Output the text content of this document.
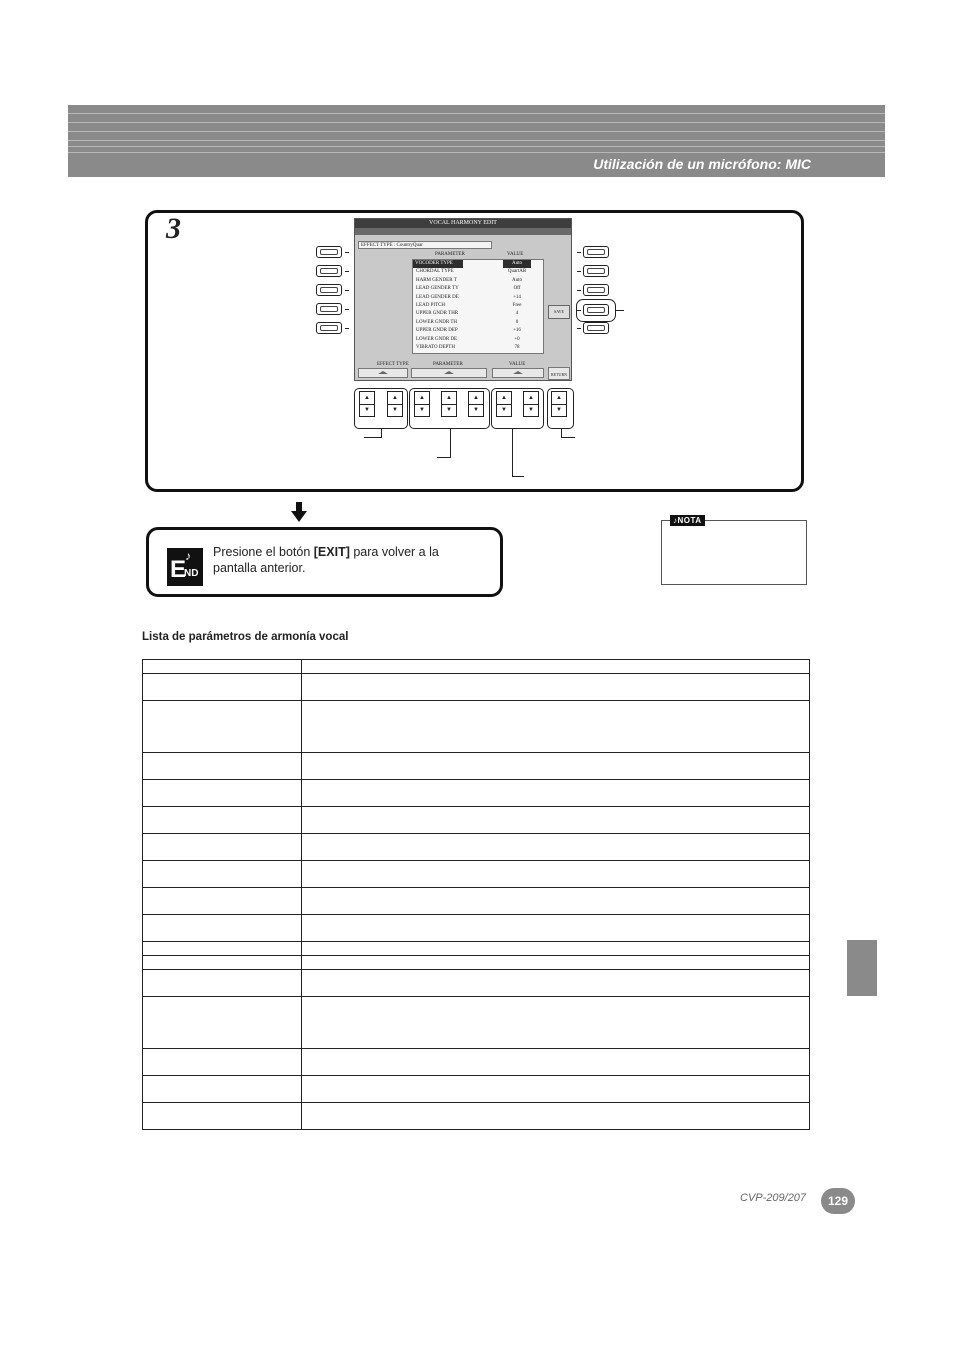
Utilización de un micrófono: MIC
3	VOCAL HARMONY EDIT
EFFECT TYPE : CountryQuar
PARAMETER	VALUE
VOCODER TYPE	Auto
CHORDAL TYPE	QuartAB
HARM GENDER T	Auto
LEAD GENDER TY	Off
LEAD GENDER DE	+14
LEAD PITCH	Free
UPPER GNDR THR	4
LOWER GNDR TH	0
UPPER GNDR DEP	+16
LOWER GNDR DE	+0
VIBRATO DEPTH	78
SAVE
EFFECT TYPE	PARAMETER	VALUE
RETURN
▲
▼
▲
▼
▲
▼
▲
▼
▲
▼
▲
▼
▲
▼
▲
▼
♪
E
ND
Presione el botón [EXIT] para volver a la pantalla anterior.
♪NOTA
Lista de parámetros de armonía vocal

CVP-209/207	129
